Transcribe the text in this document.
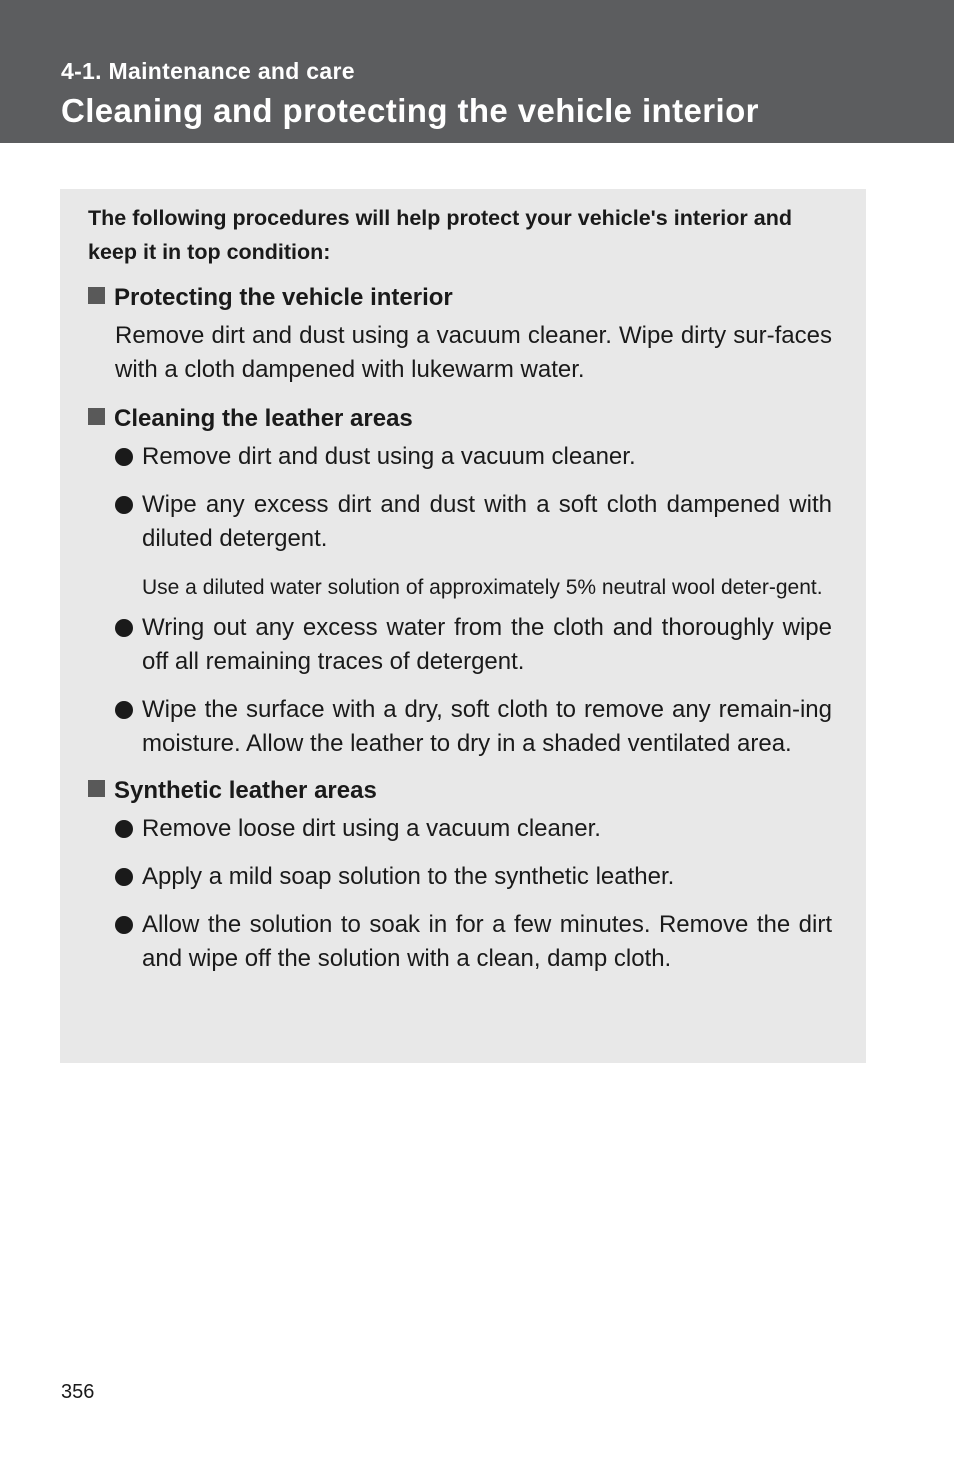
4-1. Maintenance and care
Cleaning and protecting the vehicle interior

The following procedures will help protect your vehicle's interior and keep it in top condition:

Protecting the vehicle interior

Remove dirt and dust using a vacuum cleaner. Wipe dirty sur-faces with a cloth dampened with lukewarm water.

Cleaning the leather areas

Remove dirt and dust using a vacuum cleaner.

Wipe any excess dirt and dust with a soft cloth dampened with diluted detergent.

Use a diluted water solution of approximately 5% neutral wool deter-gent.

Wring out any excess water from the cloth and thoroughly wipe off all remaining traces of detergent.

Wipe the surface with a dry, soft cloth to remove any remain-ing moisture. Allow the leather to dry in a shaded ventilated area.

Synthetic leather areas

Remove loose dirt using a vacuum cleaner.

Apply a mild soap solution to the synthetic leather.

Allow the solution to soak in for a few minutes. Remove the dirt and wipe off the solution with a clean, damp cloth.

356
